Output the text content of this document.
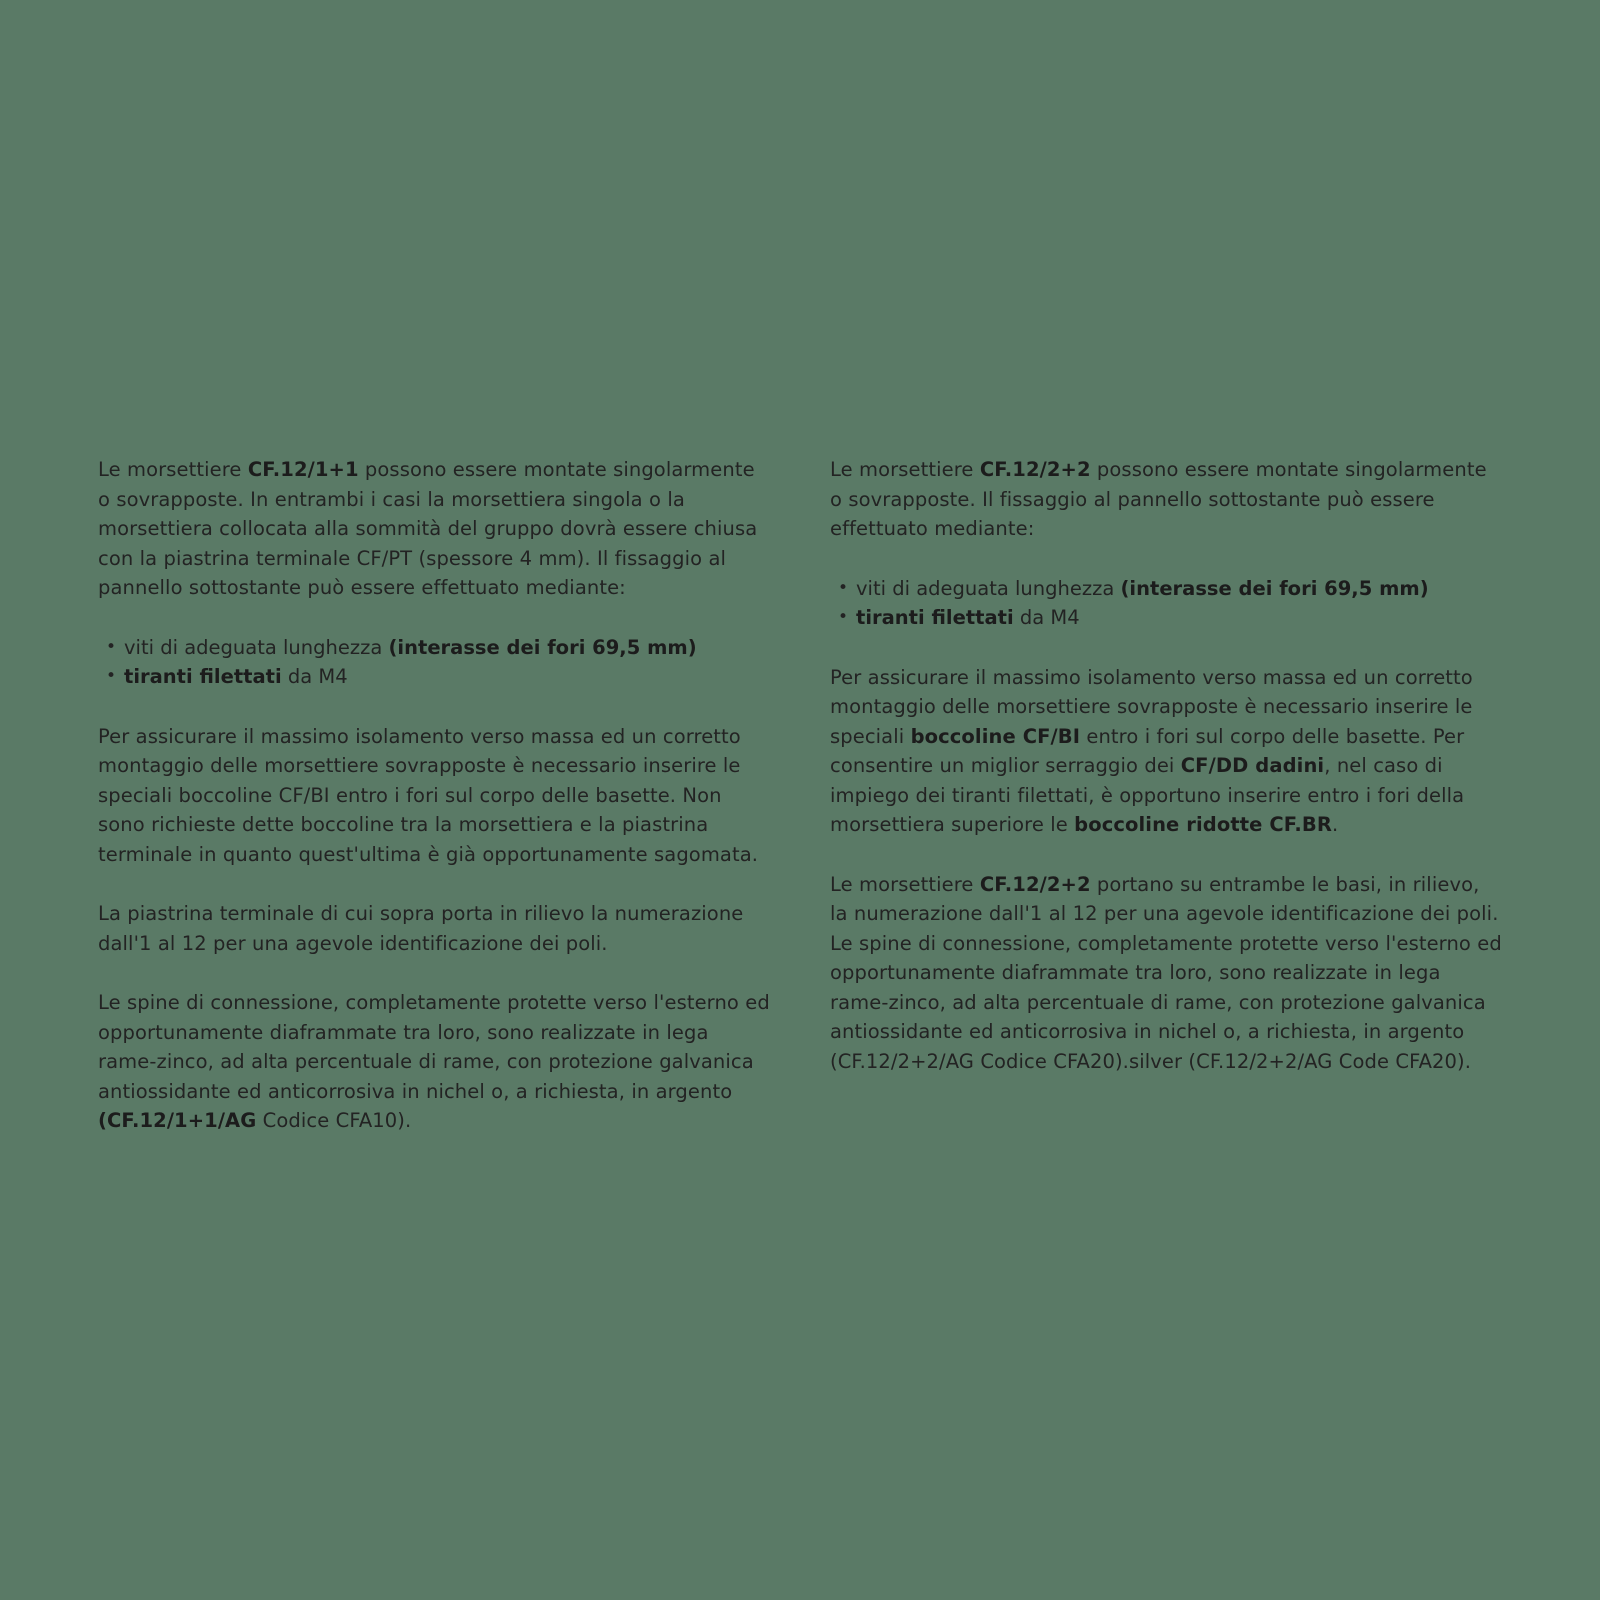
Le morsettiere CF.12/1+1 possono essere montate singolarmente o sovrapposte. In entrambi i casi la morsettiera singola o la morsettiera collocata alla sommità del gruppo dovrà essere chiusa con la piastrina terminale CF/PT (spessore 4 mm). Il fissaggio al pannello sottostante può essere effettuato mediante:

• viti di adeguata lunghezza (interasse dei fori 69,5 mm)
• tiranti filettati da M4

Per assicurare il massimo isolamento verso massa ed un corretto montaggio delle morsettiere sovrapposte è necessario inserire le speciali boccoline CF/BI entro i fori sul corpo delle basette. Non sono richieste dette boccoline tra la morsettiera e la piastrina terminale in quanto quest'ultima è già opportunamente sagomata.

La piastrina terminale di cui sopra porta in rilievo la numerazione dall'1 al 12 per una agevole identificazione dei poli.

Le spine di connessione, completamente protette verso l'esterno ed opportunamente diaframmate tra loro, sono realizzate in lega rame-zinco, ad alta percentuale di rame, con protezione galvanica antiossidante ed anticorrosiva in nichel o, a richiesta, in argento (CF.12/1+1/AG Codice CFA10).

Le morsettiere CF.12/2+2 possono essere montate singolarmente o sovrapposte. Il fissaggio al pannello sottostante può essere effettuato mediante:

• viti di adeguata lunghezza (interasse dei fori 69,5 mm)
• tiranti filettati da M4

Per assicurare il massimo isolamento verso massa ed un corretto montaggio delle morsettiere sovrapposte è necessario inserire le speciali boccoline CF/BI entro i fori sul corpo delle basette. Per consentire un miglior serraggio dei CF/DD dadini, nel caso di impiego dei tiranti filettati, è opportuno inserire entro i fori della morsettiera superiore le boccoline ridotte CF.BR.

Le morsettiere CF.12/2+2 portano su entrambe le basi, in rilievo, la numerazione dall'1 al 12 per una agevole identificazione dei poli. Le spine di connessione, completamente protette verso l'esterno ed opportunamente diaframmate tra loro, sono realizzate in lega rame-zinco, ad alta percentuale di rame, con protezione galvanica antiossidante ed anticorrosiva in nichel o, a richiesta, in argento (CF.12/2+2/AG Codice CFA20).silver (CF.12/2+2/AG Code CFA20).
